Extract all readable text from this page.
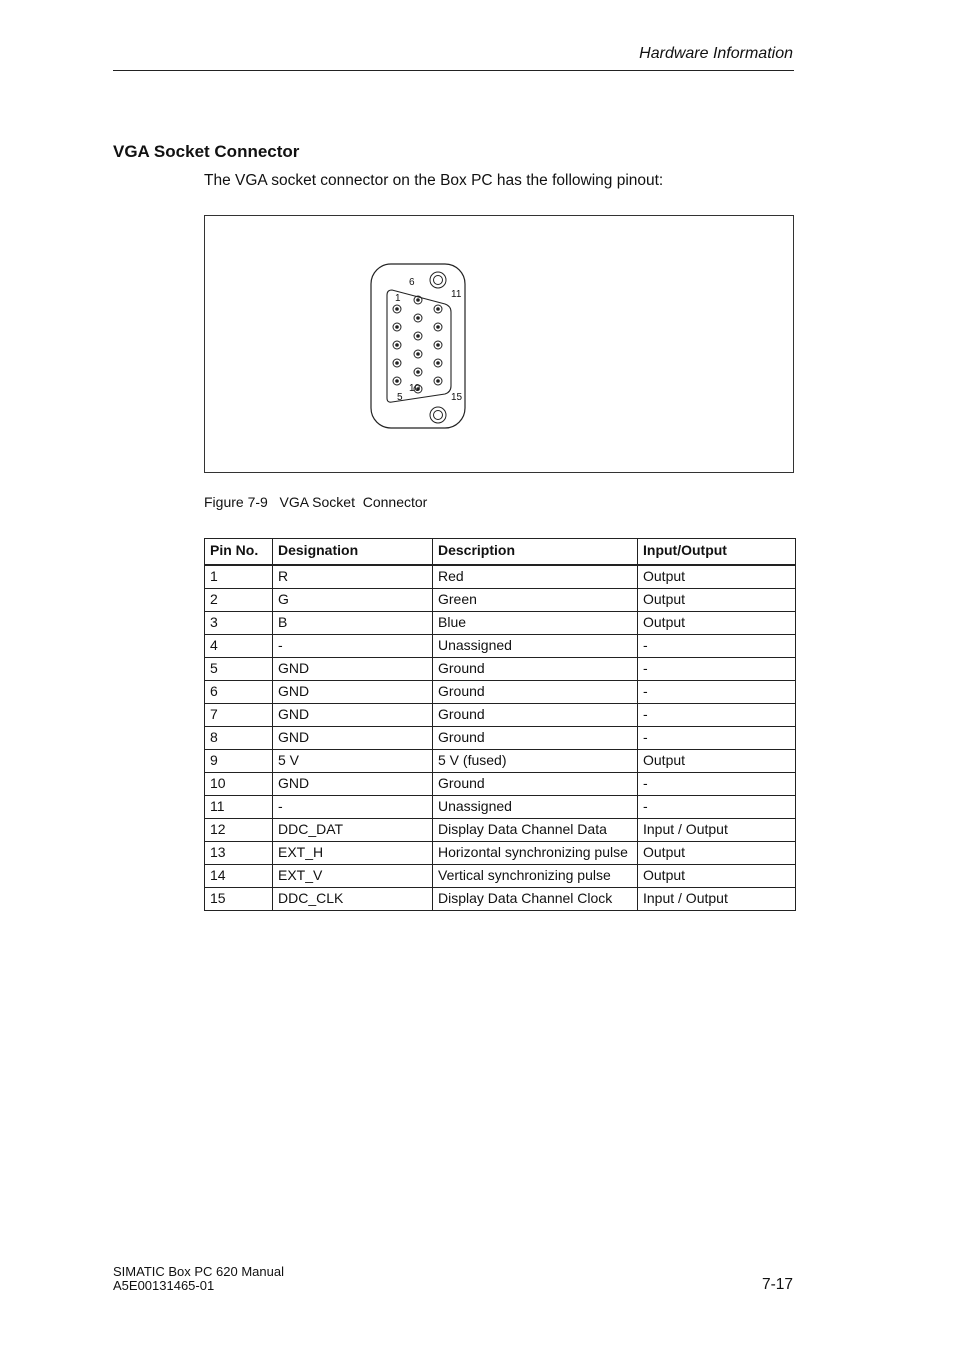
Hardware Information
VGA Socket Connector
The VGA socket connector on the Box PC has the following pinout:
6
1	11
10
5	15
Figure 7-9   VGA Socket  Connector
Pin No.	Designation	Description	Input/Output
1	R	Red	Output
2	G	Green	Output
3	B	Blue	Output
4	-	Unassigned	-
5	GND	Ground	-
6	GND	Ground	-
7	GND	Ground	-
8	GND	Ground	-
9	5 V	5 V (fused)	Output
10	GND	Ground	-
11	-	Unassigned	-
12	DDC_DAT	Display Data Channel Data	Input / Output
13	EXT_H	Horizontal synchronizing pulse	Output
14	EXT_V	Vertical synchronizing pulse	Output
15	DDC_CLK	Display Data Channel Clock	Input / Output
SIMATIC Box PC 620 Manual
A5E00131465-01	7-17
